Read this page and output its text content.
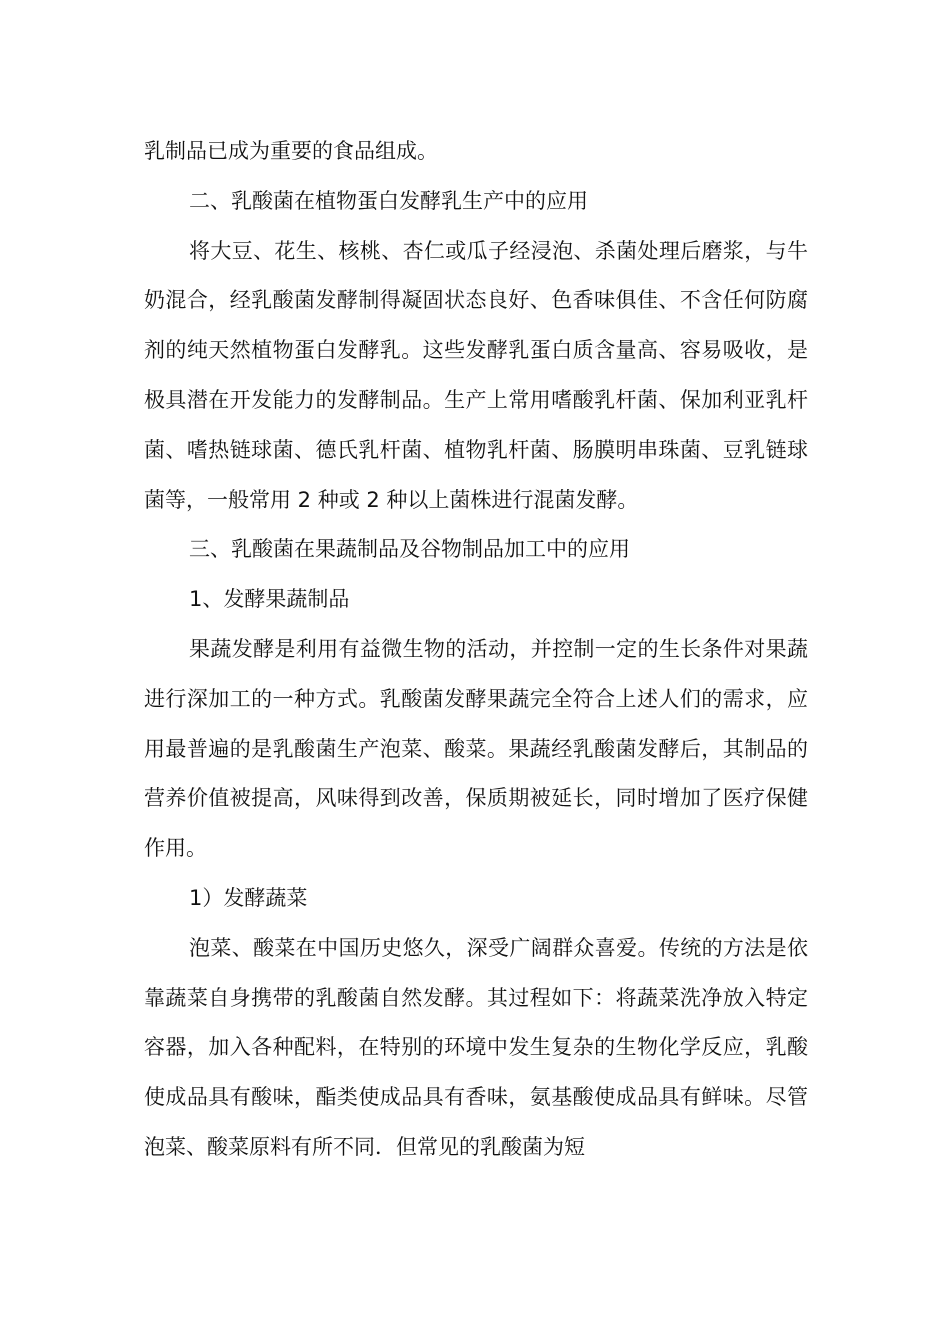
乳制品已成为重要的食品组成。

二、乳酸菌在植物蛋白发酵乳生产中的应用

将大豆、花生、核桃、杏仁或瓜子经浸泡、杀菌处理后磨浆，与牛奶混合，经乳酸菌发酵制得凝固状态良好、色香味俱佳、不含任何防腐剂的纯天然植物蛋白发酵乳。这些发酵乳蛋白质含量高、容易吸收，是极具潜在开发能力的发酵制品。生产上常用嗜酸乳杆菌、保加利亚乳杆菌、嗜热链球菌、德氏乳杆菌、植物乳杆菌、肠膜明串珠菌、豆乳链球菌等，一般常用 2 种或 2 种以上菌株进行混菌发酵。

三、乳酸菌在果蔬制品及谷物制品加工中的应用

1、发酵果蔬制品

果蔬发酵是利用有益微生物的活动，并控制一定的生长条件对果蔬进行深加工的一种方式。乳酸菌发酵果蔬完全符合上述人们的需求，应用最普遍的是乳酸菌生产泡菜、酸菜。果蔬经乳酸菌发酵后，其制品的营养价值被提高，风味得到改善，保质期被延长，同时增加了医疗保健作用。

1）发酵蔬菜

泡菜、酸菜在中国历史悠久，深受广阔群众喜爱。传统的方法是依靠蔬菜自身携带的乳酸菌自然发酵。其过程如下：将蔬菜洗净放入特定容器，加入各种配料，在特别的环境中发生复杂的生物化学反应，乳酸使成品具有酸味，酯类使成品具有香味，氨基酸使成品具有鲜味。尽管泡菜、酸菜原料有所不同．但常见的乳酸菌为短
